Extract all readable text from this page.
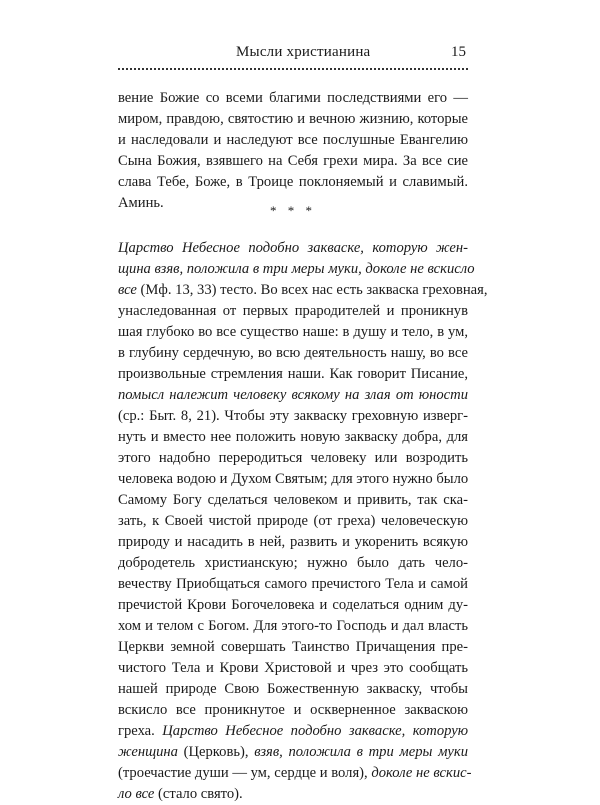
Мысли христианина	15
вение Божие со всеми благими последствиями его —
миром, правдою, святостию и вечною жизнию, которые
и наследовали и наследуют все послушные Евангелию
Сына Божия, взявшего на Себя грехи мира. За все сие
слава Тебе, Боже, в Троице поклоняемый и славимый.
Аминь.	* * *
Царство Небесное подобно закваске, которую жен-
щина взяв, положила в три меры муки, доколе не вскисло
все (Мф. 13, 33) тесто. Во всех нас есть закваска греховная,
унаследованная от первых прародителей и проникнув
шая глубоко во все существо наше: в душу и тело, в ум,
в глубину сердечную, во всю деятельность нашу, во все
произвольные стремления наши. Как говорит Писание,
помысл належит человеку всякому на злая от юности
(ср.: Быт. 8, 21). Чтобы эту закваску греховную изверг-
нуть и вместо нее положить новую закваску добра, для
этого надобно переродиться человеку или возродить
человека водою и Духом Святым; для этого нужно было
Самому Богу сделаться человеком и привить, так ска-
зать, к Своей чистой природе (от греха) человеческую
природу и насадить в ней, развить и укоренить всякую
добродетель христианскую; нужно было дать чело-
вечеству Приобщаться самого пречистого Тела и самой
пречистой Крови Богочеловека и соделаться одним ду-
хом и телом с Богом. Для этого-то Господь и дал власть
Церкви земной совершать Таинство Причащения пре-
чистого Тела и Крови Христовой и чрез это сообщать
нашей природе Свою Божественную закваску, чтобы
вскисло все проникнутое и оскверненное закваскою
греха. Царство Небесное подобно закваске, которую
женщина (Церковь), взяв, положила в три меры муки
(троечастие души — ум, сердце и воля), доколе не вскис-
ло все (стало свято).
